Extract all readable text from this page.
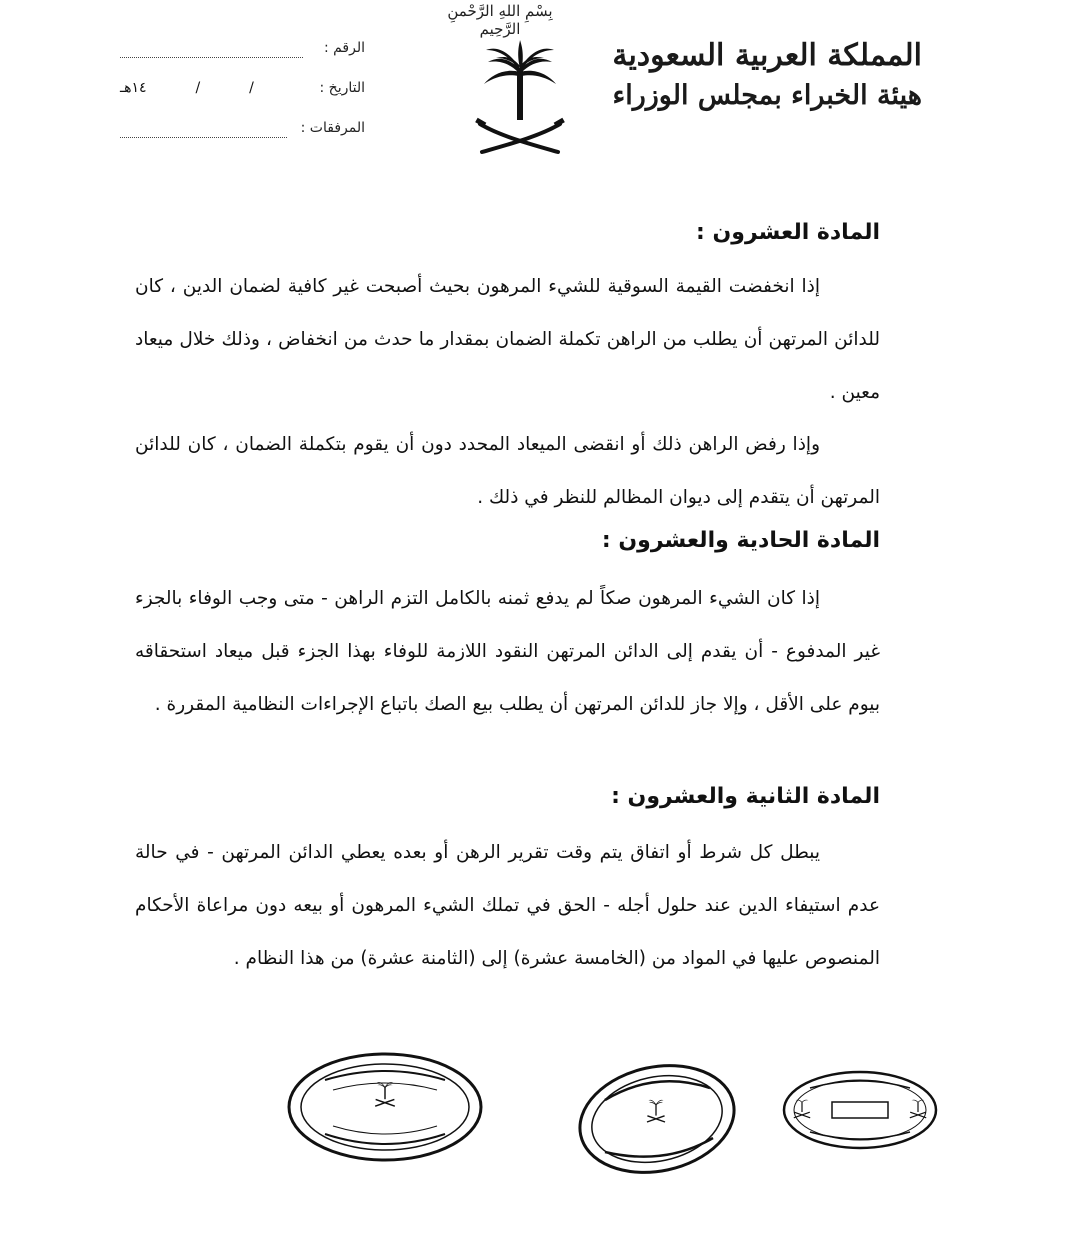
بِسْمِ اللهِ الرَّحْمنِ الرَّحِيم
المملكة العربية السعودية
هيئة الخبراء بمجلس الوزراء
الرقم :
التاريخ :
١٤هـ	/	/
المرفقات :
المادة العشرون :
إذا انخفضت القيمة السوقية للشيء المرهون بحيث أصبحت غير كافية لضمان الدين ، كان للدائن المرتهن أن يطلب من الراهن تكملة الضمان بمقدار ما حدث من انخفاض ، وذلك خلال ميعاد معين .
وإذا رفض الراهن ذلك أو انقضى الميعاد المحدد دون أن يقوم بتكملة الضمان ، كان للدائن المرتهن أن يتقدم إلى ديوان المظالم للنظر في ذلك .
المادة الحادية والعشرون :
إذا كان الشيء المرهون صكاً لم يدفع ثمنه بالكامل التزم الراهن - متى وجب الوفاء بالجزء غير المدفوع - أن يقدم إلى الدائن المرتهن النقود اللازمة للوفاء بهذا الجزء قبل ميعاد استحقاقه بيوم على الأقل ، وإلا جاز للدائن المرتهن أن يطلب بيع الصك باتباع الإجراءات النظامية المقررة .
المادة الثانية والعشرون :
يبطل كل شرط أو اتفاق يتم وقت تقرير الرهن أو بعده يعطي الدائن المرتهن - في حالة عدم استيفاء الدين عند حلول أجله - الحق في تملك الشيء المرهون أو بيعه دون مراعاة الأحكام المنصوص عليها في المواد من (الخامسة عشرة) إلى (الثامنة عشرة) من هذا النظام .
